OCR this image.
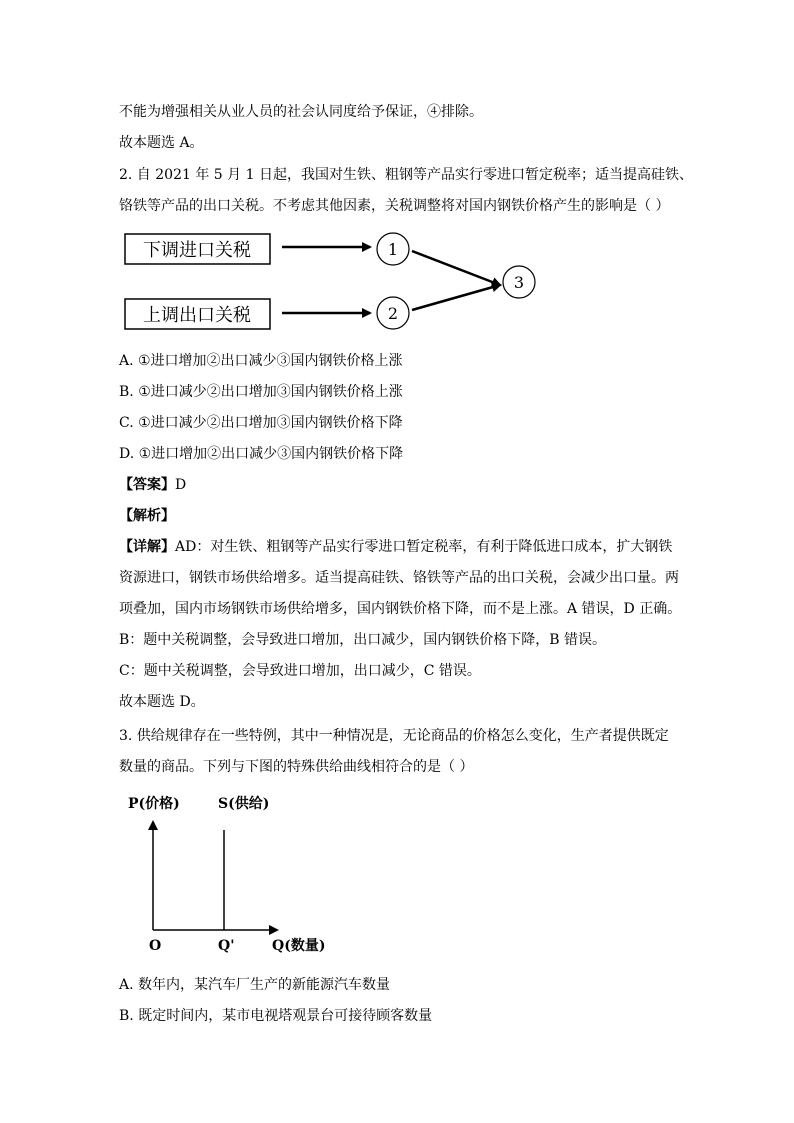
不能为增强相关从业人员的社会认同度给予保证，④排除。
故本题选 A。
2. 自 2021 年 5 月 1 日起，我国对生铁、粗钢等产品实行零进口暂定税率；适当提高硅铁、
铬铁等产品的出口关税。不考虑其他因素，关税调整将对国内钢铁价格产生的影响是（ ）
下调进口关税
上调出口关税
1
2
3
P(价格)	S(供给)
O	Q'	Q(数量)
A. ①进口增加②出口减少③国内钢铁价格上涨
B. ①进口减少②出口增加③国内钢铁价格上涨
C. ①进口减少②出口增加③国内钢铁价格下降
D. ①进口增加②出口减少③国内钢铁价格下降
【答案】D
【解析】
【详解】AD：对生铁、粗钢等产品实行零进口暂定税率，有利于降低进口成本，扩大钢铁
资源进口，钢铁市场供给增多。适当提高硅铁、铬铁等产品的出口关税，会减少出口量。两
项叠加，国内市场钢铁市场供给增多，国内钢铁价格下降，而不是上涨。A 错误，D 正确。
B：题中关税调整，会导致进口增加，出口减少，国内钢铁价格下降，B 错误。
C：题中关税调整，会导致进口增加，出口减少，C 错误。
故本题选 D。
3. 供给规律存在一些特例，其中一种情况是，无论商品的价格怎么变化，生产者提供既定
数量的商品。下列与下图的特殊供给曲线相符合的是（ ）
A. 数年内，某汽车厂生产的新能源汽车数量
B. 既定时间内，某市电视塔观景台可接待顾客数量
